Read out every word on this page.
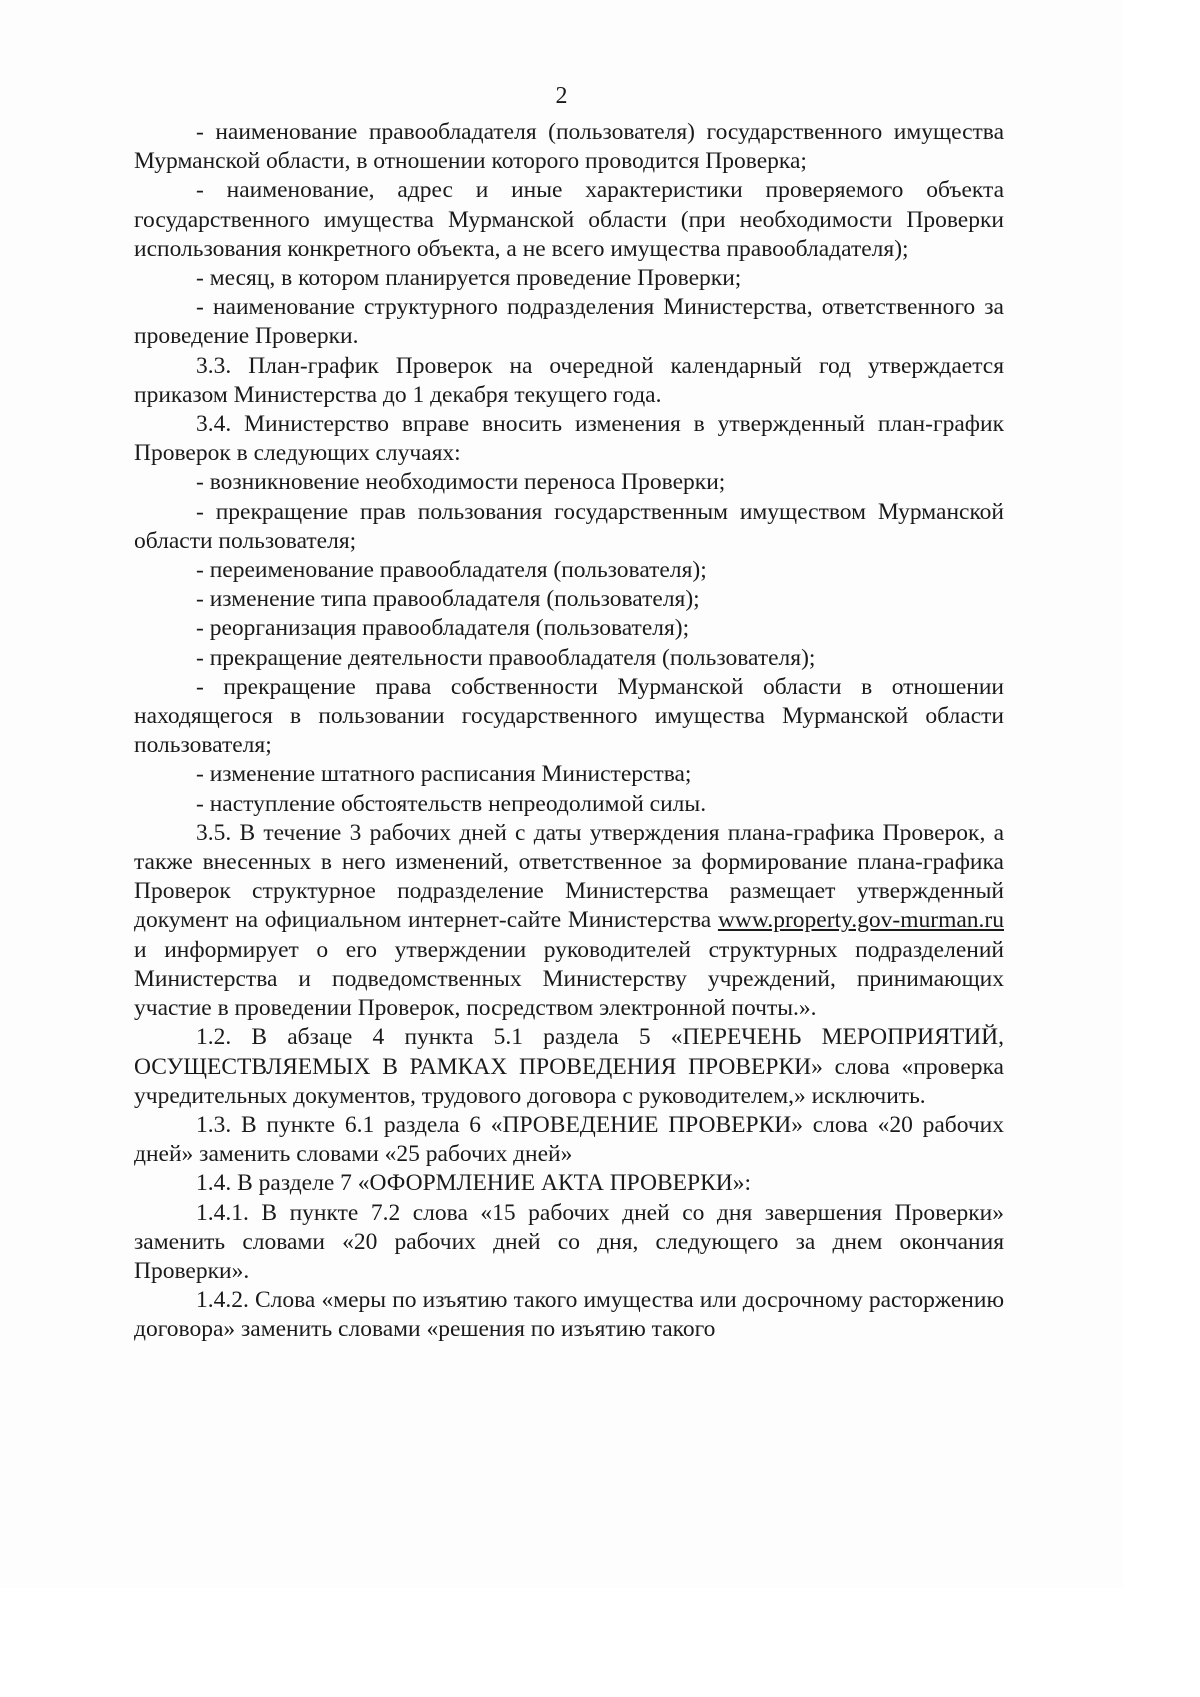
2

- наименование правообладателя (пользователя) государственного имущества Мурманской области, в отношении которого проводится Проверка;

- наименование, адрес и иные характеристики проверяемого объекта государственного имущества Мурманской области (при необходимости Проверки использования конкретного объекта, а не всего имущества правообладателя);

- месяц, в котором планируется проведение Проверки;

- наименование структурного подразделения Министерства, ответственного за проведение Проверки.

3.3. План-график Проверок на очередной календарный год утверждается приказом Министерства до 1 декабря текущего года.

3.4. Министерство вправе вносить изменения в утвержденный план-график Проверок в следующих случаях:

- возникновение необходимости переноса Проверки;

- прекращение прав пользования государственным имуществом Мурманской области пользователя;

- переименование правообладателя (пользователя);

- изменение типа правообладателя (пользователя);

- реорганизация правообладателя (пользователя);

- прекращение деятельности правообладателя (пользователя);

- прекращение права собственности Мурманской области в отношении находящегося в пользовании государственного имущества Мурманской области пользователя;

- изменение штатного расписания Министерства;

- наступление обстоятельств непреодолимой силы.

3.5. В течение 3 рабочих дней с даты утверждения плана-графика Проверок, а также внесенных в него изменений, ответственное за формирование плана-графика Проверок структурное подразделение Министерства размещает утвержденный документ на официальном интернет-сайте Министерства www.property.gov-murman.ru и информирует о его утверждении руководителей структурных подразделений Министерства и подведомственных Министерству учреждений, принимающих участие в проведении Проверок, посредством электронной почты.».

1.2. В абзаце 4 пункта 5.1 раздела 5 «ПЕРЕЧЕНЬ МЕРОПРИЯТИЙ, ОСУЩЕСТВЛЯЕМЫХ В РАМКАХ ПРОВЕДЕНИЯ ПРОВЕРКИ» слова «проверка учредительных документов, трудового договора с руководителем,» исключить.

1.3. В пункте 6.1 раздела 6 «ПРОВЕДЕНИЕ ПРОВЕРКИ» слова «20 рабочих дней» заменить словами «25 рабочих дней»

1.4. В разделе 7 «ОФОРМЛЕНИЕ АКТА ПРОВЕРКИ»:

1.4.1. В пункте 7.2 слова «15 рабочих дней со дня завершения Проверки» заменить словами «20 рабочих дней со дня, следующего за днем окончания Проверки».

1.4.2. Слова «меры по изъятию такого имущества или досрочному расторжению договора» заменить словами «решения по изъятию такого
